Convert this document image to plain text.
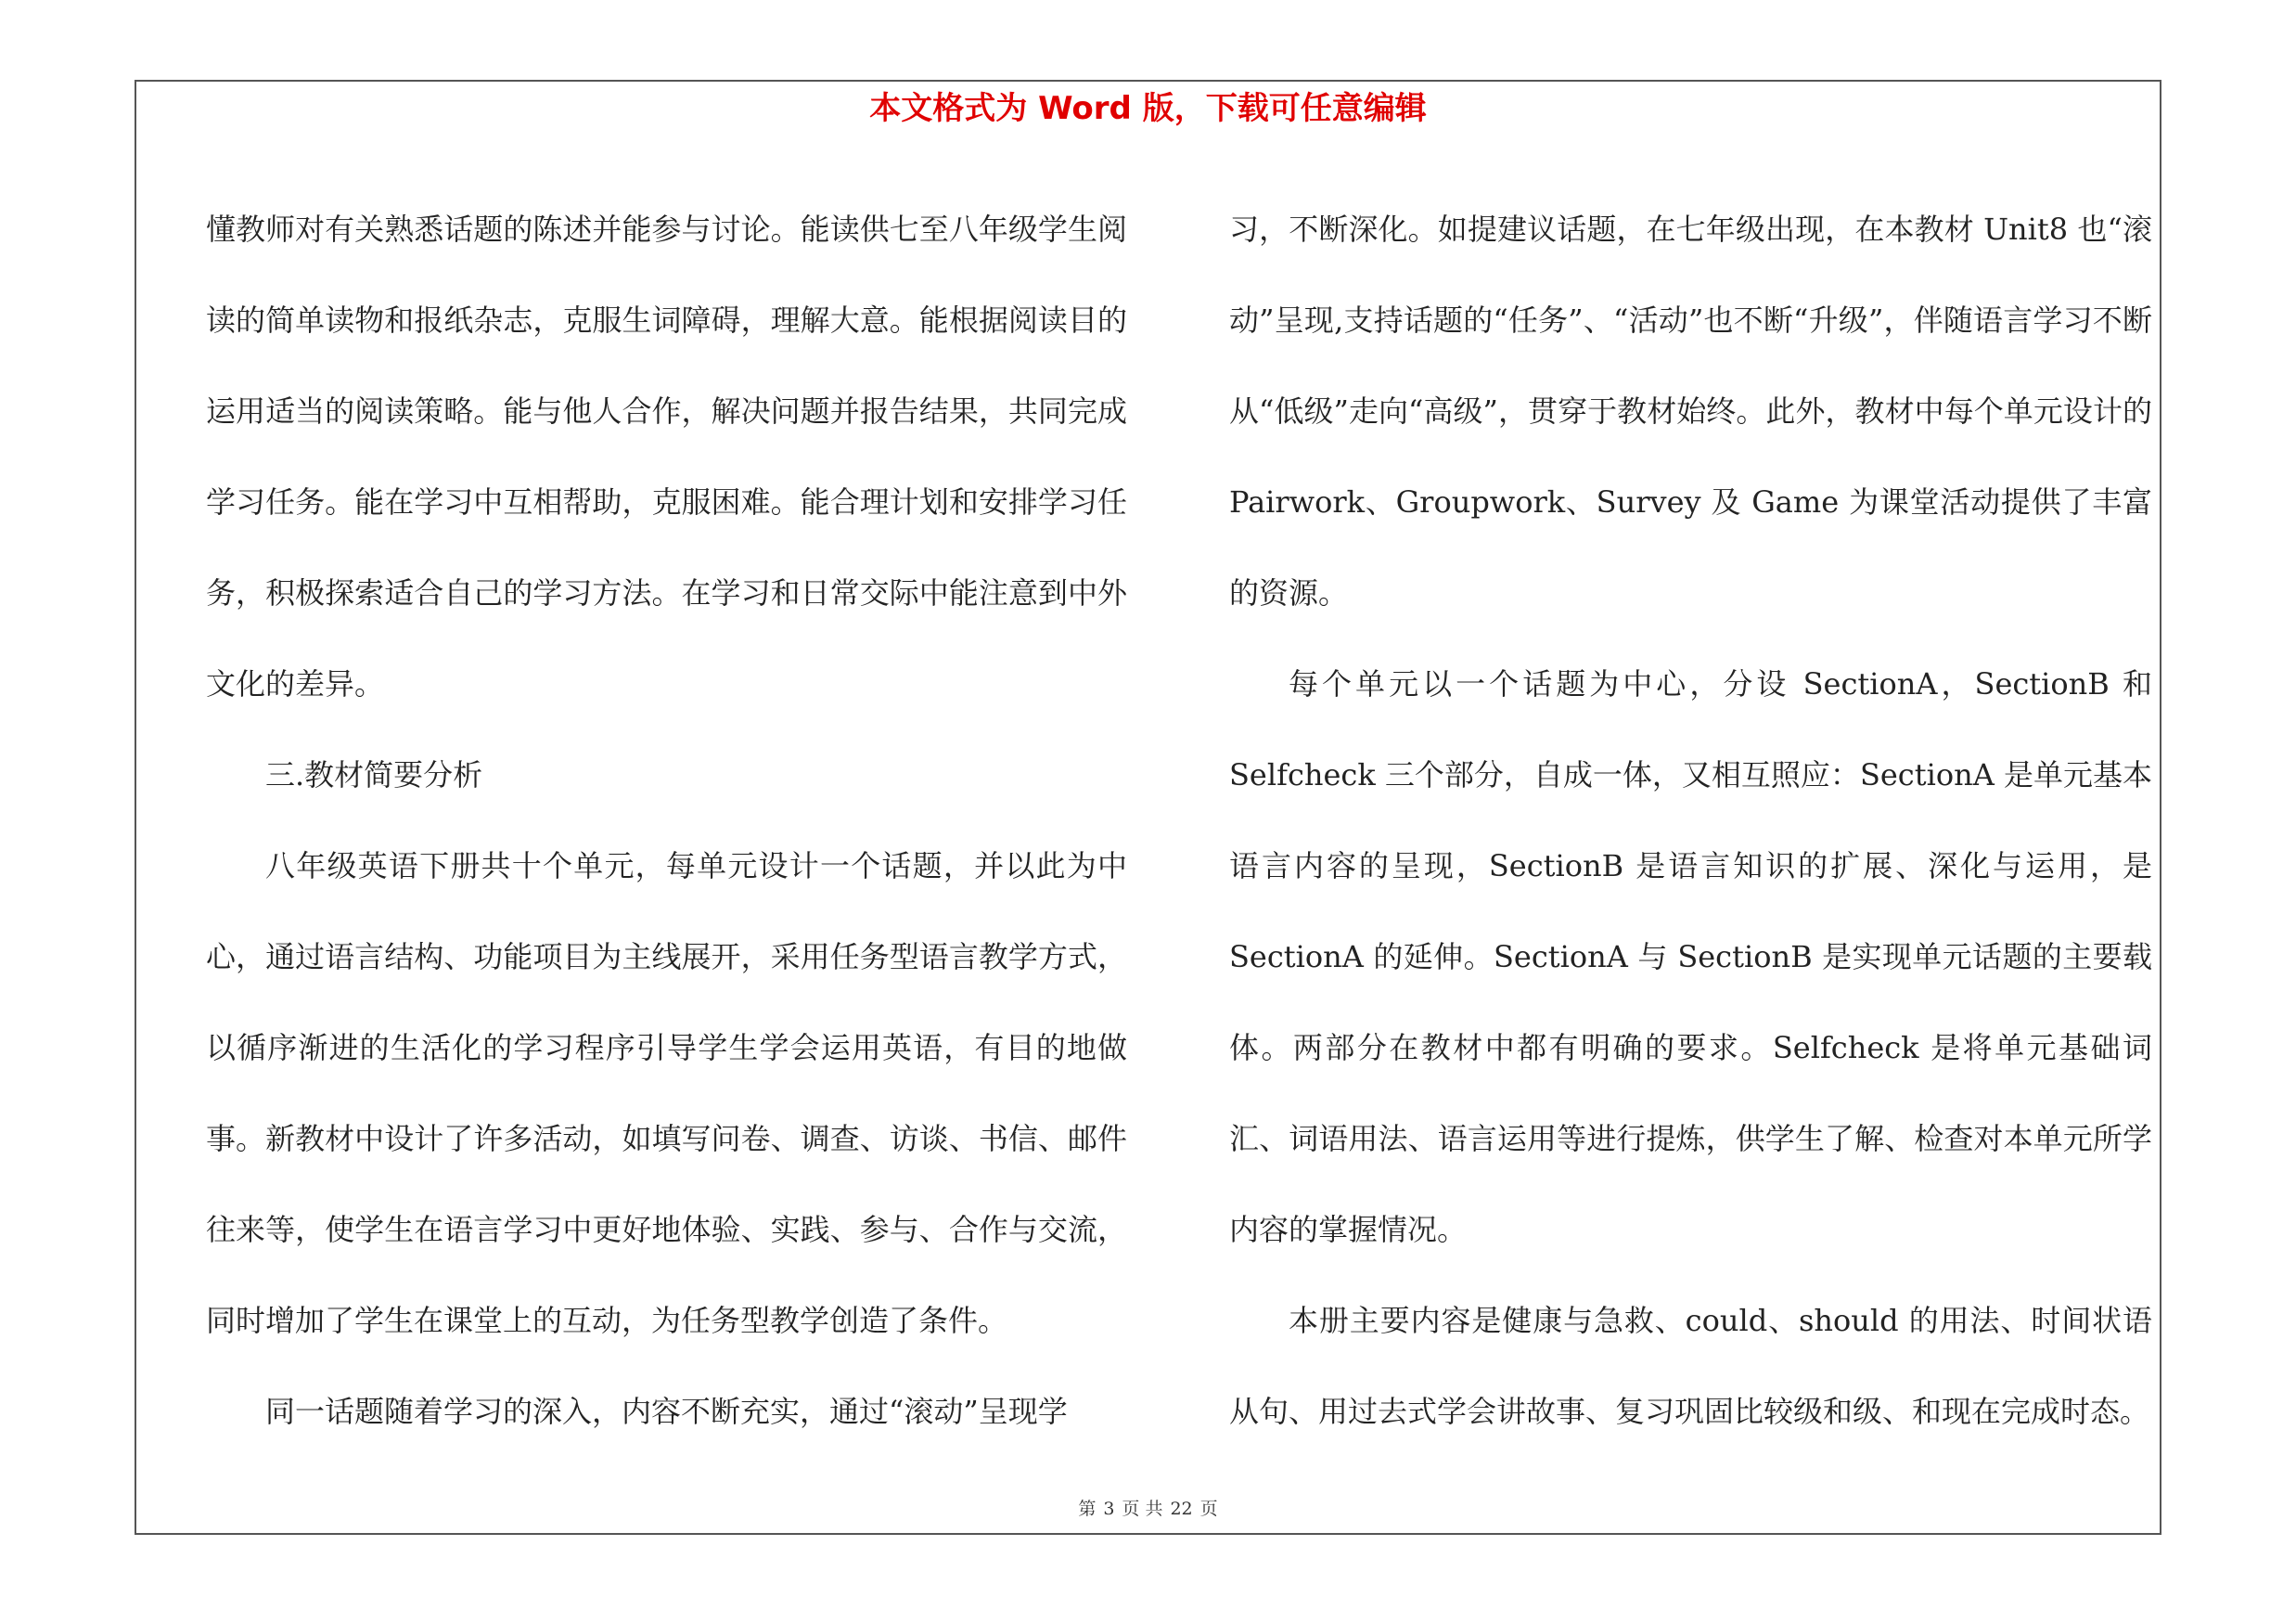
本文格式为 Word 版，下载可任意编辑

懂教师对有关熟悉话题的陈述并能参与讨论。能读供七至八年级学生阅读的简单读物和报纸杂志，克服生词障碍，理解大意。能根据阅读目的运用适当的阅读策略。能与他人合作，解决问题并报告结果，共同完成学习任务。能在学习中互相帮助，克服困难。能合理计划和安排学习任务，积极探索适合自己的学习方法。在学习和日常交际中能注意到中外文化的差异。

三.教材简要分析

八年级英语下册共十个单元，每单元设计一个话题，并以此为中心，通过语言结构、功能项目为主线展开，采用任务型语言教学方式，以循序渐进的生活化的学习程序引导学生学会运用英语，有目的地做事。新教材中设计了许多活动，如填写问卷、调查、访谈、书信、邮件往来等，使学生在语言学习中更好地体验、实践、参与、合作与交流，同时增加了学生在课堂上的互动，为任务型教学创造了条件。

同一话题随着学习的深入，内容不断充实，通过“滚动”呈现学

习，不断深化。如提建议话题，在七年级出现，在本教材 Unit8 也“滚动”呈现,支持话题的“任务”、“活动”也不断“升级”，伴随语言学习不断从“低级”走向“高级”，贯穿于教材始终。此外，教材中每个单元设计的 Pairwork、Groupwork、Survey 及 Game 为课堂活动提供了丰富的资源。

每个单元以一个话题为中心，分设 SectionA，SectionB 和 Selfcheck 三个部分，自成一体，又相互照应：SectionA 是单元基本语言内容的呈现，SectionB 是语言知识的扩展、深化与运用，是 SectionA 的延伸。SectionA 与 SectionB 是实现单元话题的主要载体。两部分在教材中都有明确的要求。Selfcheck 是将单元基础词汇、词语用法、语言运用等进行提炼，供学生了解、检查对本单元所学内容的掌握情况。

本册主要内容是健康与急救、could、should 的用法、时间状语从句、用过去式学会讲故事、复习巩固比较级和级、和现在完成时态。

第 3 页 共 22 页
